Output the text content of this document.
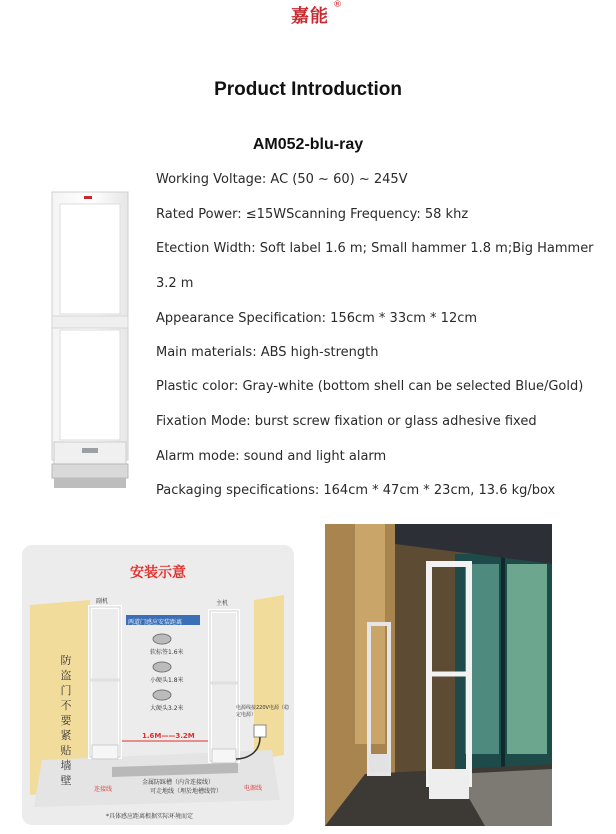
嘉能
®
Product Introduction
AM052-blu-ray
Working Voltage: AC (50 ~ 60) ~ 245V
Rated Power: ≤15WScanning Frequency: 58 khz
Etection Width: Soft label 1.6 m; Small hammer 1.8 m;Big Hammer
3.2 m
Appearance Specification: 156cm * 33cm * 12cm
Main materials: ABS high-strength
Plastic color: Gray-white (bottom shell can be selected Blue/Gold)
Fixation Mode: burst screw fixation or glass adhesive fixed
Alarm mode: sound and light alarm
Packaging specifications: 164cm * 47cm * 23cm, 13.6 kg/box
安装示意
防盗门不要紧贴墙壁
副机	主机
两道门感应安装距离
软标签1.6米
小硬头1.8米
大硬头3.2米
1.6M——3.2M
电源线接220V电源（稳定电源）
金属防踩槽（内含连接线）
可走地线（埋於地槽线管）
连接线	电源线
*具体感应距离根据实际环境而定
